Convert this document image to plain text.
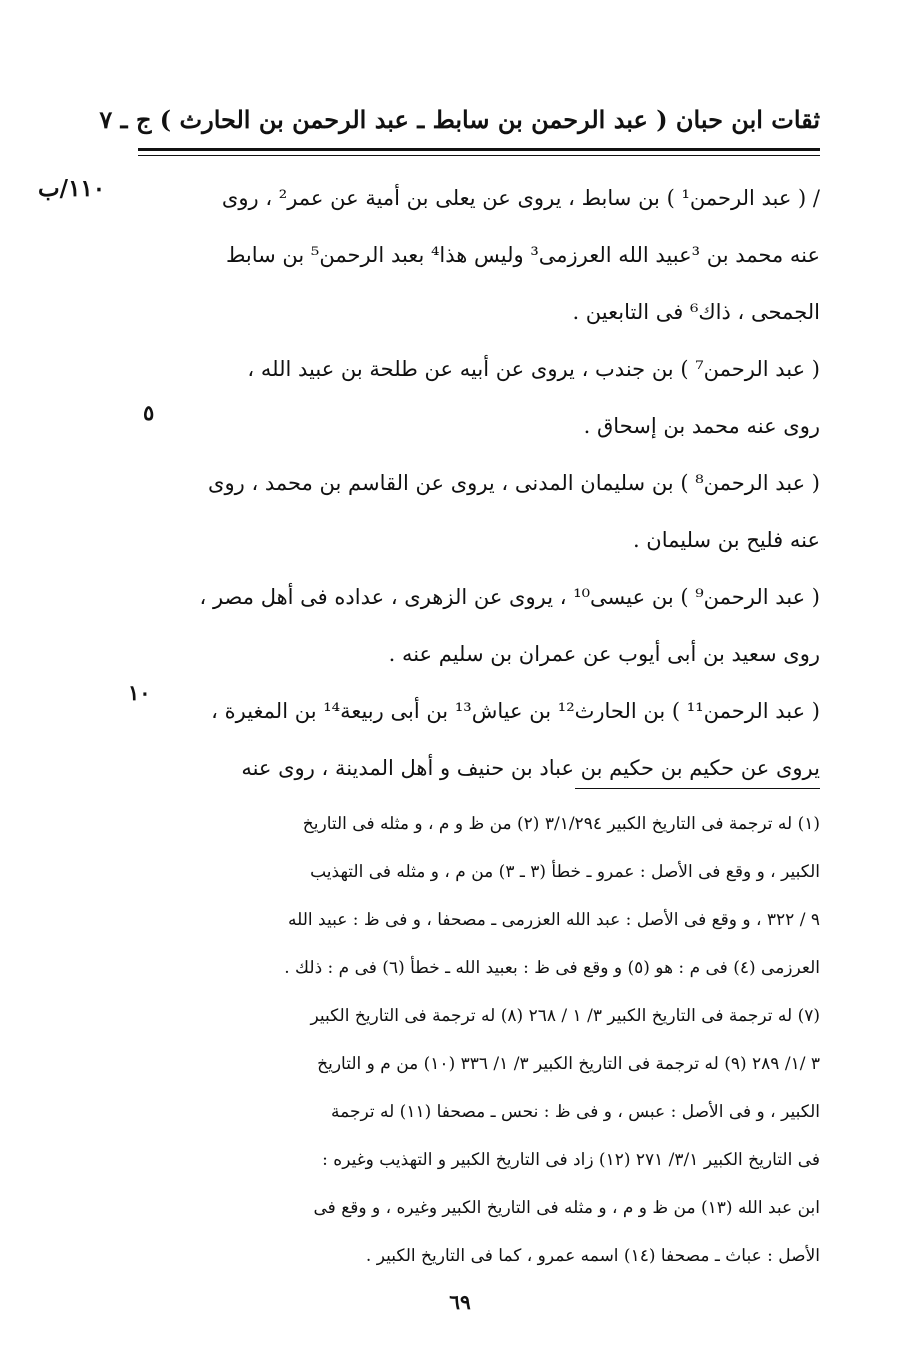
ثقات ابن حبان ( عبد الرحمن بن سابط ـ عبد الرحمن بن الحارث ) ج ـ ٧
١١٠/ب
٥
١٠
/ ( عبد الرحمن¹ ) بن سابط ، يروى عن يعلى بن أمية عن عمر² ، روى
عنه محمد بن ³عبيد الله العرزمى³ وليس هذا⁴ بعبد الرحمن⁵ بن سابط
الجمحى ، ذاك⁶ فى التابعين .
( عبد الرحمن⁷ ) بن جندب ، يروى عن أبيه عن طلحة بن عبيد الله ،
روى عنه محمد بن إسحاق .
( عبد الرحمن⁸ ) بن سليمان المدنى ، يروى عن القاسم بن محمد ، روى
عنه فليح بن سليمان .
( عبد الرحمن⁹ ) بن عيسى¹⁰ ، يروى عن الزهرى ، عداده فى أهل مصر ،
روى سعيد بن أبى أيوب عن عمران بن سليم عنه .
( عبد الرحمن¹¹ ) بن الحارث¹² بن عياش¹³ بن أبى ربيعة¹⁴ بن المغيرة ،
يروى عن حكيم بن حكيم بن عباد بن حنيف و أهل المدينة ، روى عنه
(١) له ترجمة فى التاريخ الكبير ٣/١/٢٩٤ (٢) من ظ و م ، و مثله فى التاريخ
الكبير ، و وقع فى الأصل : عمرو ـ خطأ (٣ ـ ٣) من م ، و مثله فى التهذيب
٩ / ٣٢٢ ، و وقع فى الأصل : عبد الله العزرمى ـ مصحفا ، و فى ظ : عبيد الله
العرزمى (٤) فى م : هو (٥) و وقع فى ظ : بعبيد الله ـ خطأ (٦) فى م : ذلك .
(٧) له ترجمة فى التاريخ الكبير ٣/ ١ / ٢٦٨ (٨) له ترجمة فى التاريخ الكبير
٣ /١/ ٢٨٩ (٩) له ترجمة فى التاريخ الكبير ٣/ ١/ ٣٣٦ (١٠) من م و التاريخ
الكبير ، و فى الأصل : عبس ، و فى ظ : نحس ـ مصحفا (١١) له ترجمة
فى التاريخ الكبير ٣/١/ ٢٧١ (١٢) زاد فى التاريخ الكبير و التهذيب وغيره :
ابن عبد الله (١٣) من ظ و م ، و مثله فى التاريخ الكبير وغيره ، و وقع فى
الأصل : عباث ـ مصحفا (١٤) اسمه عمرو ، كما فى التاريخ الكبير .
٦٩
